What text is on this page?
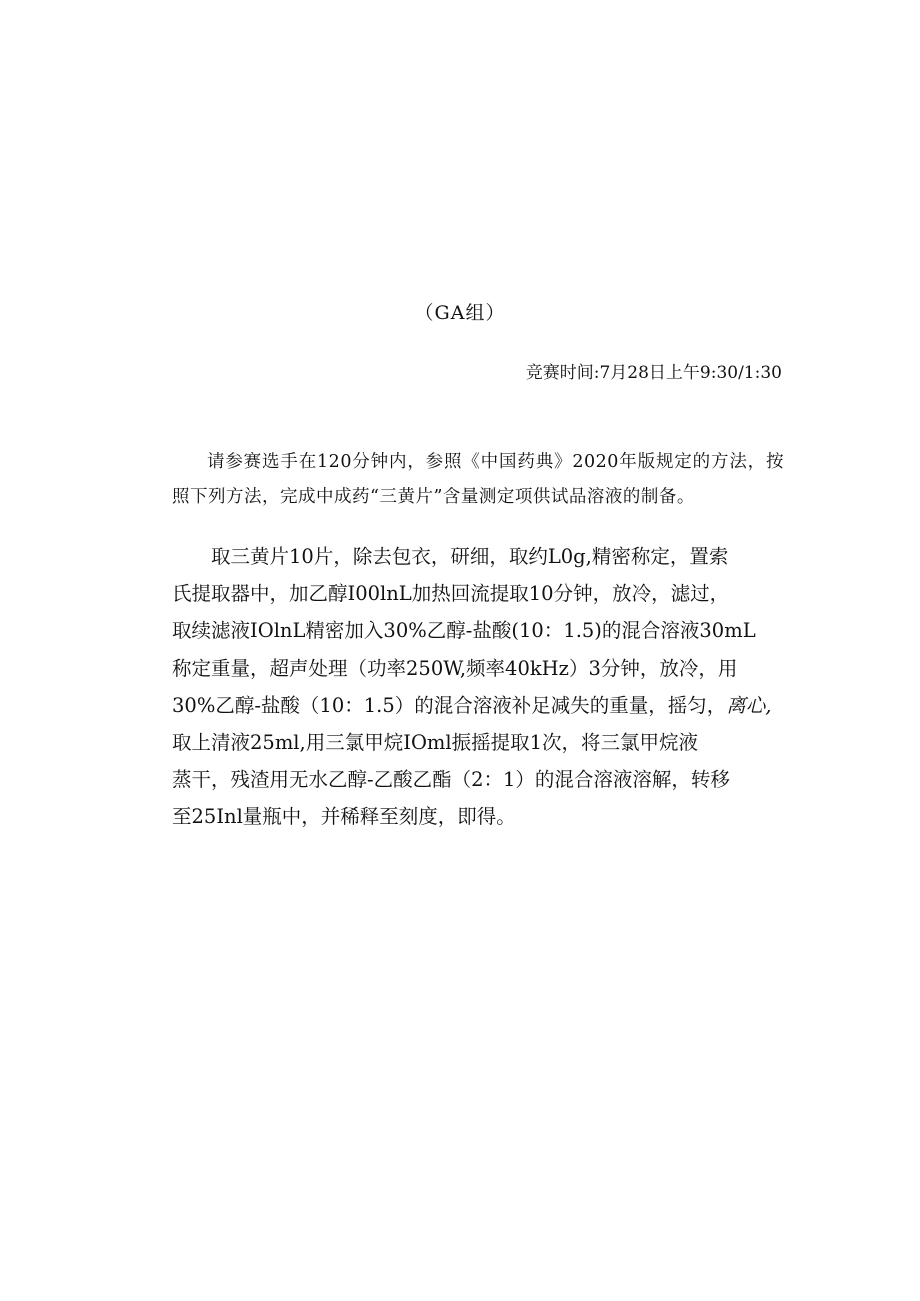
（GA组）
竞赛时间:7月28日上午9:30/1:30

请参赛选手在120分钟内，参照《中国药典》2020年版规定的方法，按照下列方法，完成中成药“三黄片”含量测定项供试品溶液的制备。

取三黄片10片，除去包衣，研细，取约L0g,精密称定，置索
氏提取器中，加乙醇I00lnL加热回流提取10分钟，放冷，滤过，
取续滤液IOlnL精密加入30%乙醇-盐酸(10：1.5)的混合溶液30mL
称定重量，超声处理（功率250W,频率40kHz）3分钟，放冷，用
30%乙醇-盐酸（10：1.5）的混合溶液补足减失的重量，摇匀，离心,
取上清液25ml,用三氯甲烷IOml振摇提取1次，将三氯甲烷液
蒸干，残渣用无水乙醇-乙酸乙酯（2：1）的混合溶液溶解，转移
至25Inl量瓶中，并稀释至刻度，即得。
